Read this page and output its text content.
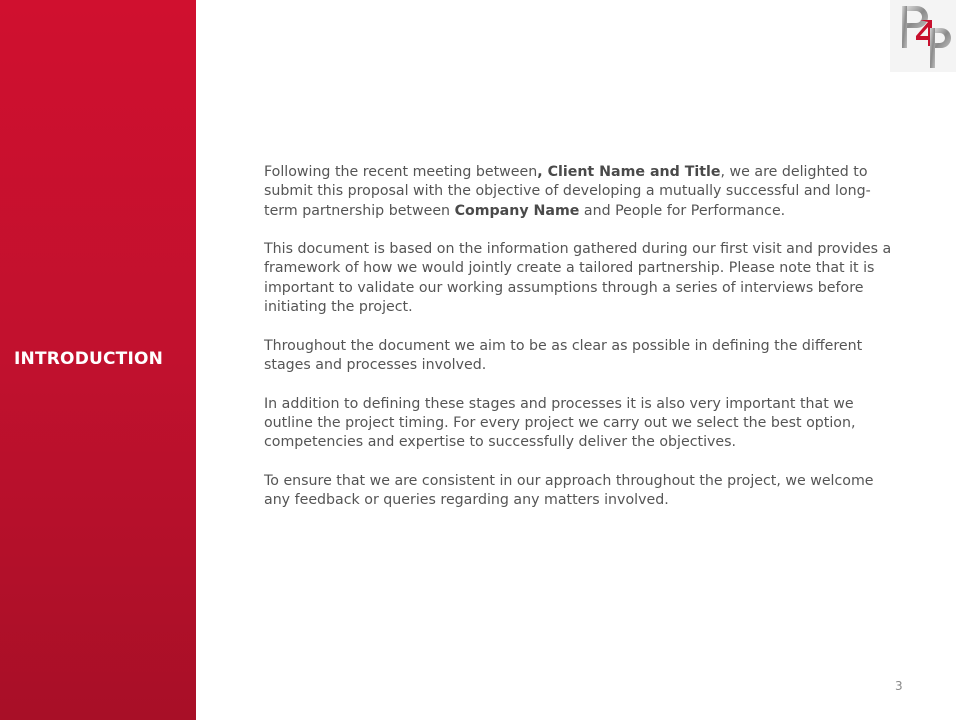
INTRODUCTION

Following the recent meeting between, Client Name and Title, we are delighted to submit this proposal with the objective of developing a mutually successful and long-term partnership between Company Name and People for Performance.

This document is based on the information gathered during our first visit and provides a framework of how we would jointly create a tailored partnership. Please note that it is important to validate our working assumptions through a series of interviews before initiating the project.

Throughout the document we aim to be as clear as possible in defining the different stages and processes involved.

In addition to defining these stages and processes it is also very important that we outline the project timing. For every project we carry out we select the best option, competencies and expertise to successfully deliver the objectives.

To ensure that we are consistent in our approach throughout the project, we welcome any feedback or queries regarding any matters involved.

3
